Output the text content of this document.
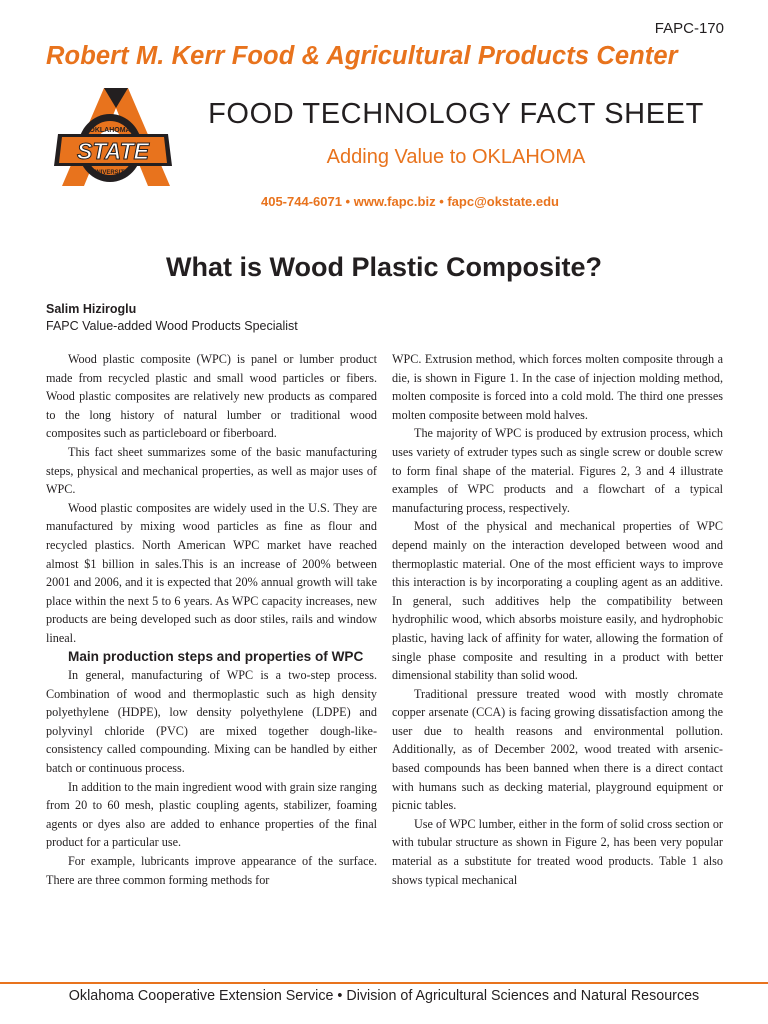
FAPC-170
Robert M. Kerr Food & Agricultural Products Center
OKLAHOMA
STATE
UNIVERSITY
FOOD TECHNOLOGY FACT SHEET
Adding Value to OKLAHOMA
405-744-6071 • www.fapc.biz • fapc@okstate.edu
What is Wood Plastic Composite?
Salim Hiziroglu
FAPC Value-added Wood Products Specialist

Wood plastic composite (WPC) is panel or lumber product made from recycled plastic and small wood particles or fibers. Wood plastic composites are relatively new products as compared to the long history of natural lumber or traditional wood composites such as particleboard or fiberboard.

This fact sheet summarizes some of the basic manufacturing steps, physical and mechanical properties, as well as major uses of WPC.

Wood plastic composites are widely used in the U.S. They are manufactured by mixing wood particles as fine as flour and recycled plastics. North American WPC market have reached almost $1 billion in sales.This is an increase of 200% between 2001 and 2006, and it is expected that 20% annual growth will take place within the next 5 to 6 years. As WPC capacity increases, new products are being developed such as door stiles, rails and window lineal.

Main production steps and properties of WPC

In general, manufacturing of WPC is a two-step process. Combination of wood and thermoplastic such as high density polyethylene (HDPE), low density polyethylene (LDPE) and polyvinyl chloride (PVC) are mixed together dough-like-consistency called compounding. Mixing can be handled by either batch or continuous process.

In addition to the main ingredient wood with grain size ranging from 20 to 60 mesh, plastic coupling agents, stabilizer, foaming agents or dyes also are added to enhance properties of the final product for a particular use.

For example, lubricants improve appearance of the surface. There are three common forming methods for

WPC. Extrusion method, which forces molten composite through a die, is shown in Figure 1. In the case of injection molding method, molten composite is forced into a cold mold. The third one presses molten composite between mold halves.

The majority of WPC is produced by extrusion process, which uses variety of extruder types such as single screw or double screw to form final shape of the material. Figures 2, 3 and 4 illustrate examples of WPC products and a flowchart of a typical manufacturing process, respectively.

Most of the physical and mechanical properties of WPC depend mainly on the interaction developed between wood and thermoplastic material. One of the most efficient ways to improve this interaction is by incorporating a coupling agent as an additive. In general, such additives help the compatibility between hydrophilic wood, which absorbs moisture easily, and hydrophobic plastic, having lack of affinity for water, allowing the formation of single phase composite and resulting in a product with better dimensional stability than solid wood.

Traditional pressure treated wood with mostly chromate copper arsenate (CCA) is facing growing dissatisfaction among the user due to health reasons and environmental pollution. Additionally, as of December 2002, wood treated with arsenic-based compounds has been banned when there is a direct contact with humans such as decking material, playground equipment or picnic tables.

Use of WPC lumber, either in the form of solid cross section or with tubular structure as shown in Figure 2, has been very popular material as a substitute for treated wood products. Table 1 also shows typical mechanical

Oklahoma Cooperative Extension Service • Division of Agricultural Sciences and Natural Resources
